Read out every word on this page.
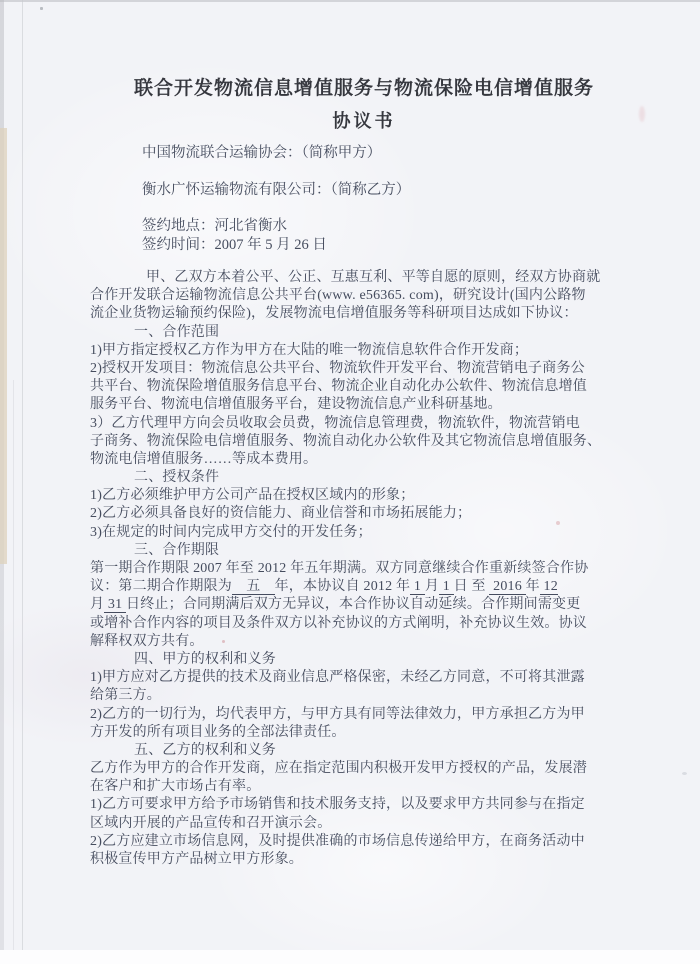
联合开发物流信息增值服务与物流保险电信增值服务
协议书
中国物流联合运输协会：（简称甲方）
衡水广怀运输物流有限公司：（简称乙方）
签约地点：河北省衡水
签约时间：2007 年 5 月 26 日
甲、乙双方本着公平、公正、互惠互利、平等自愿的原则，经双方协商就
合作开发联合运输物流信息公共平台(www. e56365. com)，研究设计(国内公路物
流企业货物运输预约保险)，发展物流电信增值服务等科研项目达成如下协议：
一、合作范围
1)甲方指定授权乙方作为甲方在大陆的唯一物流信息软件合作开发商；
2)授权开发项目：物流信息公共平台、物流软件开发平台、物流营销电子商务公
共平台、物流保险增值服务信息平台、物流企业自动化办公软件、物流信息增值
服务平台、物流电信增值服务平台，建设物流信息产业科研基地。
3）乙方代理甲方向会员收取会员费，物流信息管理费，物流软件，物流营销电
子商务、物流保险电信增值服务、物流自动化办公软件及其它物流信息增值服务、
物流电信增值服务……等成本费用。
二、授权条件
1)乙方必须维护甲方公司产品在授权区域内的形象；
2)乙方必须具备良好的资信能力、商业信誉和市场拓展能力；
3)在规定的时间内完成甲方交付的开发任务；
三、合作期限
第一期合作期限 2007 年至 2012 年五年期满。双方同意继续合作重新续签合作协
议：第二期合作期限为　五　年，本协议自 2012 年 1 月 1 日 至  2016 年 12
月 31 日终止；合同期满后双方无异议，本合作协议自动延续。合作期间需变更
或增补合作内容的项目及条件双方以补充协议的方式阐明，补充协议生效。协议
解释权双方共有。
四、甲方的权利和义务
1)甲方应对乙方提供的技术及商业信息严格保密，未经乙方同意，不可将其泄露
给第三方。
2)乙方的一切行为，均代表甲方，与甲方具有同等法律效力，甲方承担乙方为甲
方开发的所有项目业务的全部法律责任。
五、乙方的权利和义务
乙方作为甲方的合作开发商，应在指定范围内积极开发甲方授权的产品，发展潜
在客户和扩大市场占有率。
1)乙方可要求甲方给予市场销售和技术服务支持，以及要求甲方共同参与在指定
区域内开展的产品宣传和召开演示会。
2)乙方应建立市场信息网，及时提供准确的市场信息传递给甲方，在商务活动中
积极宣传甲方产品树立甲方形象。
